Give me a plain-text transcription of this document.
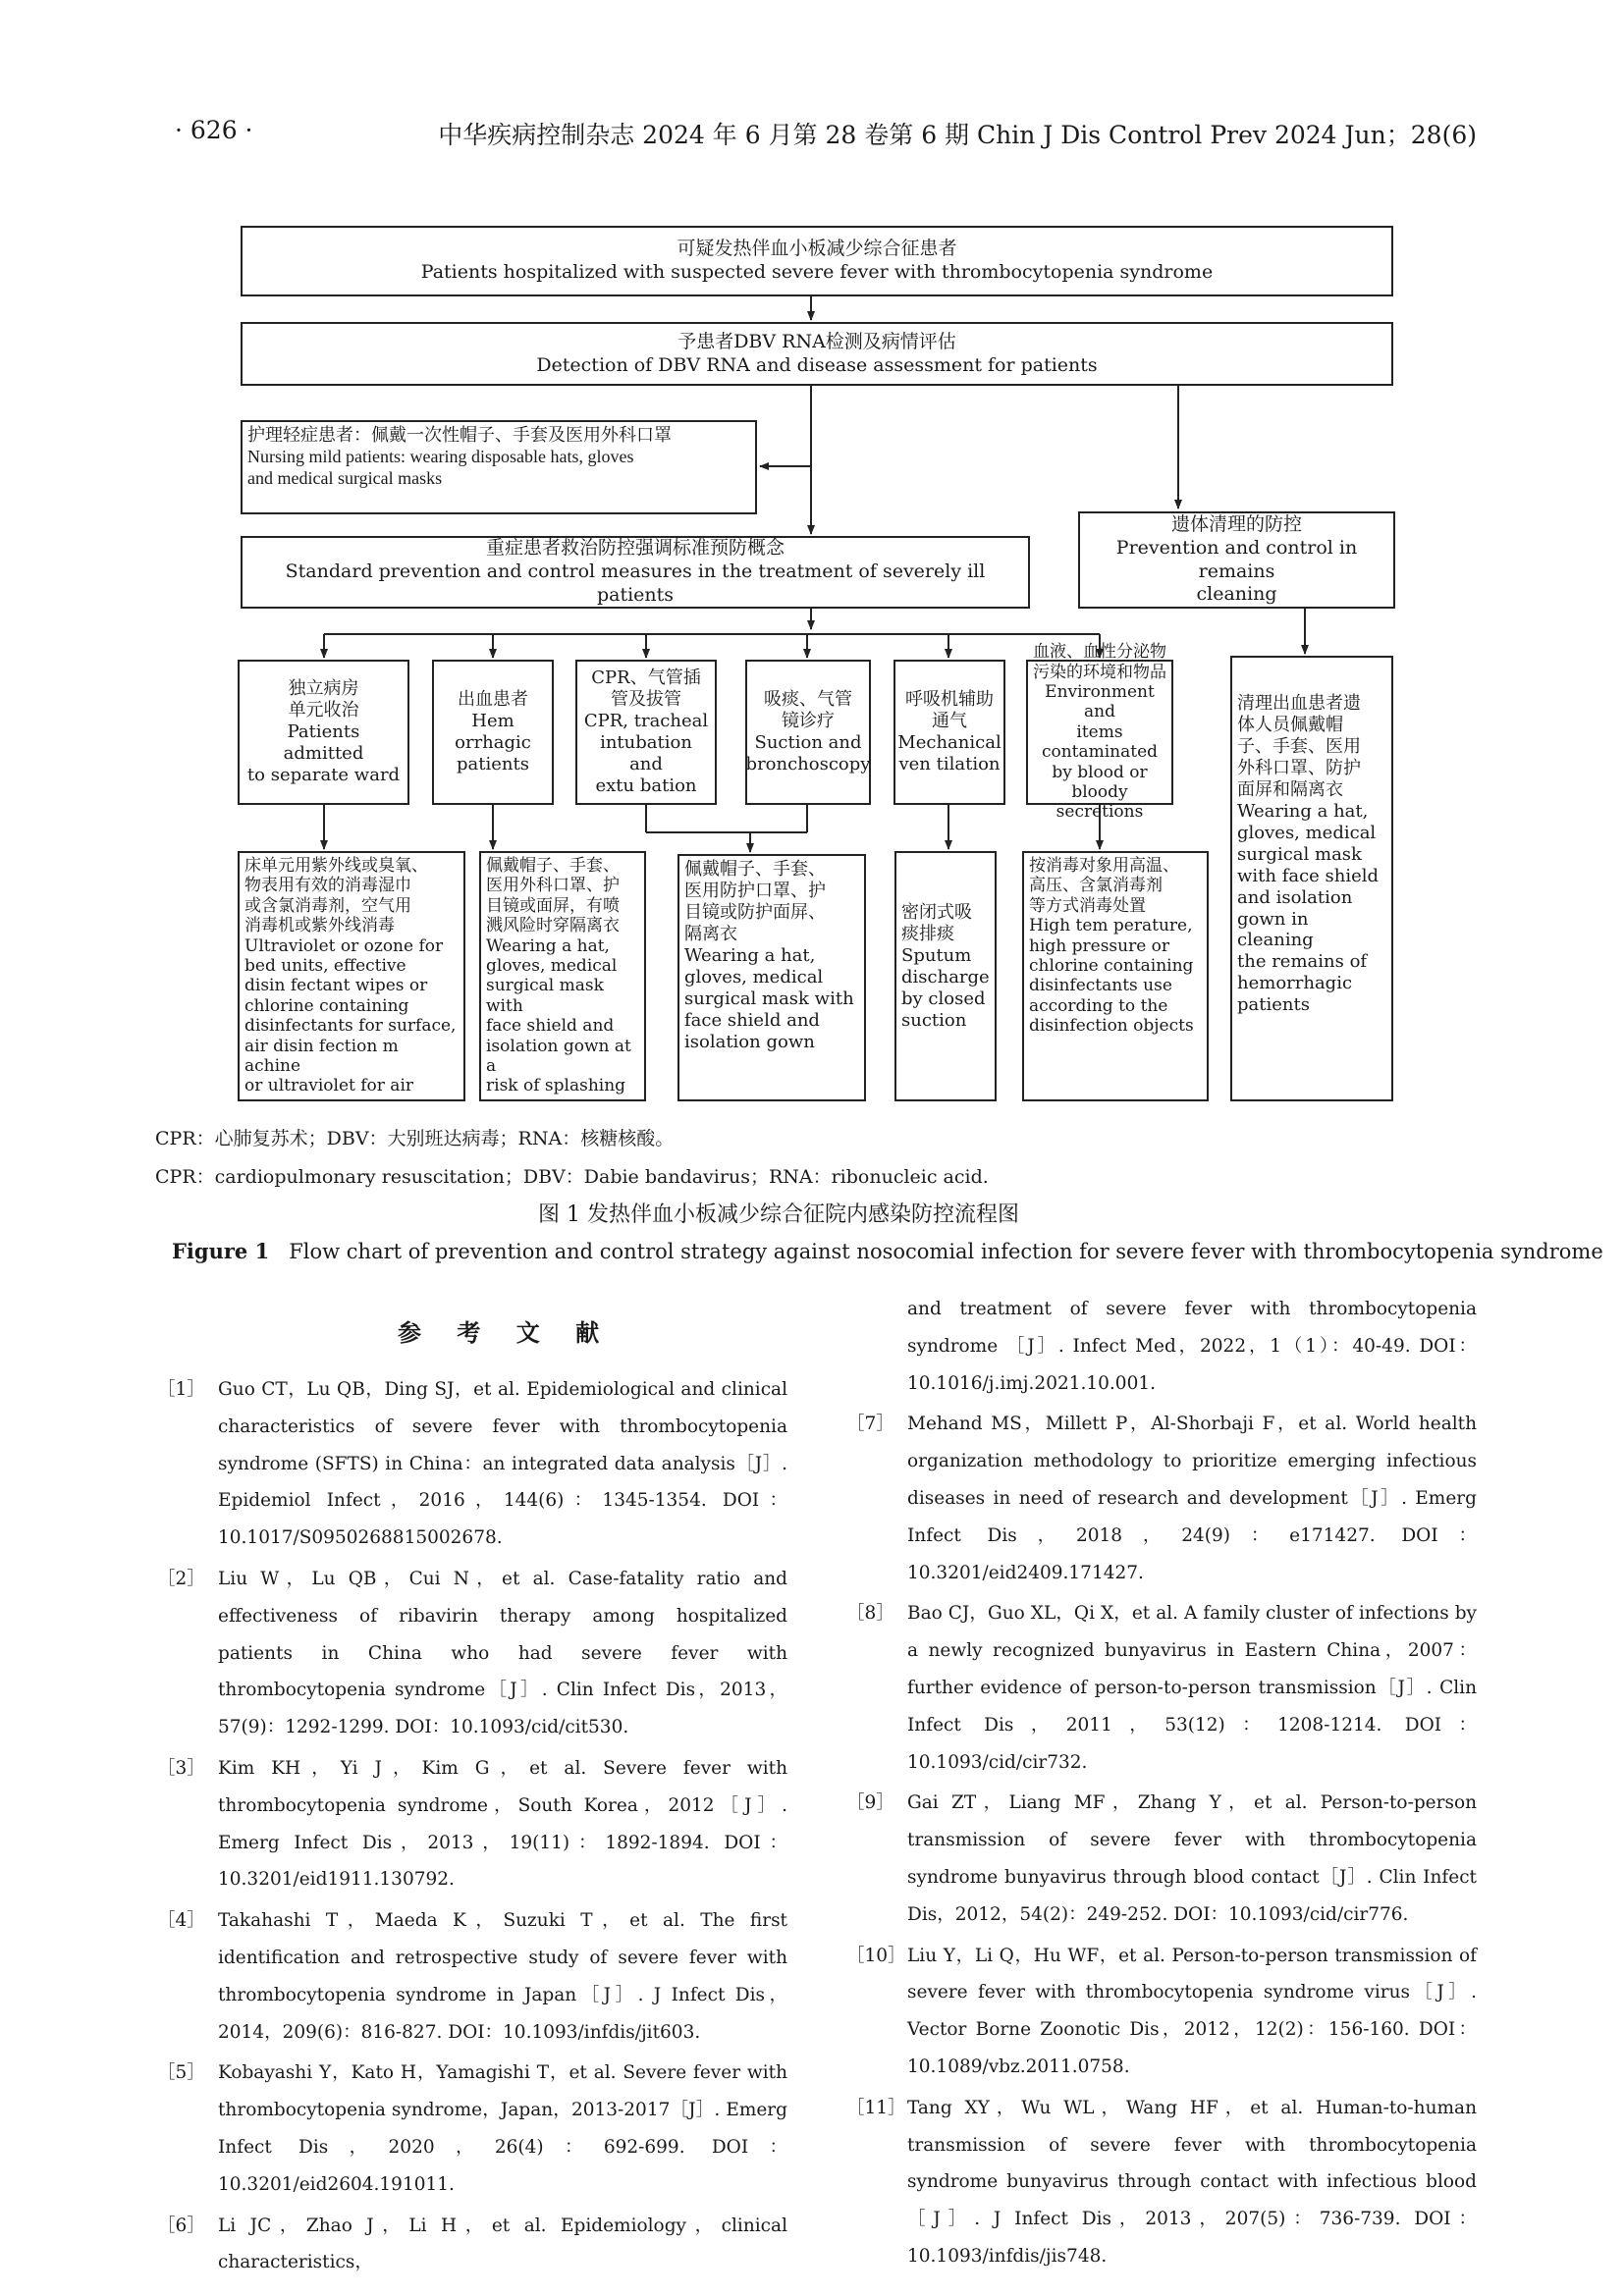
· 626 ·	中华疾病控制杂志 2024 年 6 月第 28 卷第 6 期 Chin J Dis Control Prev 2024 Jun；28(6)
可疑发热伴血小板减少综合征患者
Patients hospitalized with suspected severe fever with thrombocytopenia syndrome
予患者DBV RNA检测及病情评估
Detection of DBV RNA and disease assessment for patients
护理轻症患者：佩戴一次性帽子、手套及医用外科口罩
Nursing mild patients: wearing disposable hats, gloves
and medical surgical masks
遗体清理的防控
Prevention and control in remains
cleaning
重症患者救治防控强调标准预防概念
Standard prevention and control measures in the treatment of severely ill patients
独立病房
单元收治
Patients admitted
to separate ward
出血患者
Hem orrhagic
patients
CPR、气管插
管及拔管
CPR, tracheal
intubation and
extu bation
吸痰、气管
镜诊疗
Suction and
bronchoscopy
呼吸机辅助
通气
Mechanical
ven tilation
血液、血性分泌物
污染的环境和物品
Environment and
items contaminated
by blood or
bloody secretions
清理出血患者遗
体人员佩戴帽
子、手套、医用
外科口罩、防护
面屏和隔离衣
Wearing a hat,
gloves, medical
surgical mask
with face shield
and isolation
gown in cleaning
the remains of
hemorrhagic
patients
床单元用紫外线或臭氧、
物表用有效的消毒湿巾
或含氯消毒剂，空气用
消毒机或紫外线消毒
Ultraviolet or ozone for
bed units, effective
disin fectant wipes or
chlorine containing
disinfectants for surface,
air disin fection m achine
or ultraviolet for air
佩戴帽子、手套、
医用外科口罩、护
目镜或面屏，有喷
溅风险时穿隔离衣
Wearing a hat,
gloves, medical
surgical mask with
face shield and
isolation gown at a
risk of splashing
佩戴帽子、手套、
医用防护口罩、护
目镜或防护面屏、
隔离衣
Wearing a hat,
gloves, medical
surgical mask with
face shield and
isolation gown
密闭式吸
痰排痰
Sputum
discharge
by closed
suction
按消毒对象用高温、
高压、含氯消毒剂
等方式消毒处置
High tem perature,
high pressure or
chlorine containing
disinfectants use
according to the
disinfection objects
CPR：心肺复苏术；DBV：大别班达病毒；RNA：核糖核酸。
CPR：cardiopulmonary resuscitation；DBV：Dabie bandavirus；RNA：ribonucleic acid.
图 1 发热伴血小板减少综合征院内感染防控流程图
Figure 1 Flow chart of prevention and control strategy against nosocomial infection for severe fever with thrombocytopenia syndrome
参 考 文 献
［1］ Guo CT，Lu QB，Ding SJ，et al. Epidemiological and clinical characteristics of severe fever with thrombocytopenia syndrome (SFTS) in China：an integrated data analysis［J］. Epidemiol Infect，2016，144(6)：1345-1354. DOI：10.1017/S0950268815002678.
［2］ Liu W，Lu QB，Cui N，et al. Case-fatality ratio and effectiveness of ribavirin therapy among hospitalized patients in China who had severe fever with thrombocytopenia syndrome［J］. Clin Infect Dis，2013，57(9)：1292-1299. DOI：10.1093/cid/cit530.
［3］ Kim KH，Yi J，Kim G，et al. Severe fever with thrombocytopenia syndrome，South Korea，2012［J］. Emerg Infect Dis，2013，19(11)：1892-1894. DOI：10.3201/eid1911.130792.
［4］ Takahashi T，Maeda K，Suzuki T，et al. The first identification and retrospective study of severe fever with thrombocytopenia syndrome in Japan［J］. J Infect Dis，2014，209(6)：816-827. DOI：10.1093/infdis/jit603.
［5］ Kobayashi Y，Kato H，Yamagishi T，et al. Severe fever with thrombocytopenia syndrome，Japan，2013-2017［J］. Emerg Infect Dis，2020，26(4)：692-699. DOI：10.3201/eid2604.191011.
［6］ Li JC，Zhao J，Li H，et al. Epidemiology，clinical characteristics，
and treatment of severe fever with thrombocytopenia syndrome ［J］. Infect Med，2022，1（1）：40-49. DOI：10.1016/j.imj.2021.10.001.
［7］ Mehand MS，Millett P，Al-Shorbaji F，et al. World health organization methodology to prioritize emerging infectious diseases in need of research and development［J］. Emerg Infect Dis，2018，24(9)：e171427. DOI：10.3201/eid2409.171427.
［8］ Bao CJ，Guo XL，Qi X，et al. A family cluster of infections by a newly recognized bunyavirus in Eastern China，2007：further evidence of person-to-person transmission［J］. Clin Infect Dis，2011，53(12)：1208-1214. DOI：10.1093/cid/cir732.
［9］ Gai ZT，Liang MF，Zhang Y，et al. Person-to-person transmission of severe fever with thrombocytopenia syndrome bunyavirus through blood contact［J］. Clin Infect Dis，2012，54(2)：249-252. DOI：10.1093/cid/cir776.
［10］ Liu Y，Li Q，Hu WF，et al. Person-to-person transmission of severe fever with thrombocytopenia syndrome virus［J］. Vector Borne Zoonotic Dis，2012，12(2)：156-160. DOI：10.1089/vbz.2011.0758.
［11］ Tang XY，Wu WL，Wang HF，et al. Human-to-human transmission of severe fever with thrombocytopenia syndrome bunyavirus through contact with infectious blood［J］. J Infect Dis，2013，207(5)：736-739. DOI：10.1093/infdis/jis748.
